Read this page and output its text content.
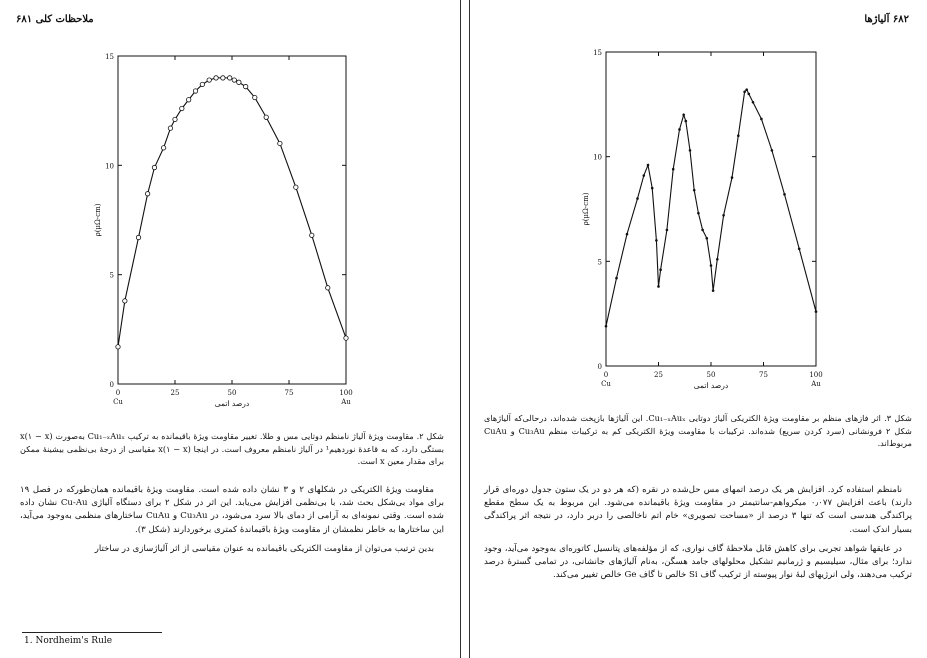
ملاحظات کلی ۶۸۱
0	25	50	75	100
0
5
10
15
Cu	Au
درصد اتمی
ρ(μΩ-cm)
شکل ۲. مقاومت ویژهٔ آلیاژ نامنظم دوتایی مس و طلا. تغییر مقاومت ویژهٔ باقیمانده به ترکیب Cu₁₋ₓAuₓ به‌صورت x(۱ − x) بستگی دارد، که به قاعدهٔ نوردهیم¹ در آلیاژ نامنظم معروف است. در اینجا x(۱ − x) مقیاسی از درجهٔ بی‌نظمی بیشینهٔ ممکن برای مقدار معین x است.

مقاومت ویژهٔ الکتریکی در شکلهای ۲ و ۳ نشان داده شده است. مقاومت ویژهٔ باقیمانده همان‌طورکه در فصل ۱۹ برای مواد بی‌شکل بحث شد، با بی‌نظمی افزایش می‌یابد. این اثر در شکل ۲ برای دستگاه آلیاژی Cu-Au نشان داده شده است. وقتی نمونه‌ای به آرامی از دمای بالا سرد می‌شود، در Cu₃Au و CuAu ساختارهای منظمی به‌وجود می‌آید، این ساختارها به خاطر نظمشان از مقاومت ویژهٔ باقیماندهٔ کمتری برخوردارند (شکل ۳).

بدین ترتیب می‌توان از مقاومت الکتریکی باقیمانده به عنوان مقیاسی از اثر آلیاژسازی در ساختار

1. Nordheim's Rule
۶۸۲ آلیاژها
0	25	50	75	100
0
5
10
15
Cu	Au
درصد اتمی
ρ(μΩ-cm)
شکل ۳. اثر فازهای منظم بر مقاومت ویژهٔ الکتریکی آلیاژ دوتایی Cu₁₋ₓAuₓ. این آلیاژها بازپخت شده‌اند، درحالی‌که آلیاژهای شکل ۲ فرونشانی (سرد کردن سریع) شده‌اند. ترکیبات با مقاومت ویژهٔ الکتریکی کم به ترکیبات منظم Cu₃Au و CuAu مربوط‌اند.

نامنظم استفاده کرد. افزایش هر یک درصد اتمهای مس حل‌شده در نقره (که هر دو در یک ستون جدول دوره‌ای قرار دارند) باعث افزایش ۰٫۰۷۷ میکرواهم-سانتیمتر در مقاومت ویژهٔ باقیمانده می‌شود. این مربوط به یک سطح مقطع پراکندگی هندسی است که تنها ۳ درصد از «مساحت تصویری» خام اتم ناخالصی را دربر دارد، در نتیجه اثر پراکندگی بسیار اندک است.

در عایقها شواهد تجربی برای کاهش قابل ملاحظهٔ گاف نواری، که از مؤلفه‌های پتانسیل کاتوره‌ای به‌وجود می‌آید، وجود ندارد؛ برای مثال، سیلیسیم و ژرمانیم تشکیل محلولهای جامد هسگن، به‌نام آلیاژهای جانشانی، در تمامی گسترهٔ درصد ترکیب می‌دهند، ولی انرژیهای لبهٔ نوار پیوسته از ترکیب گاف Si خالص تا گاف Ge خالص تغییر می‌کند.
